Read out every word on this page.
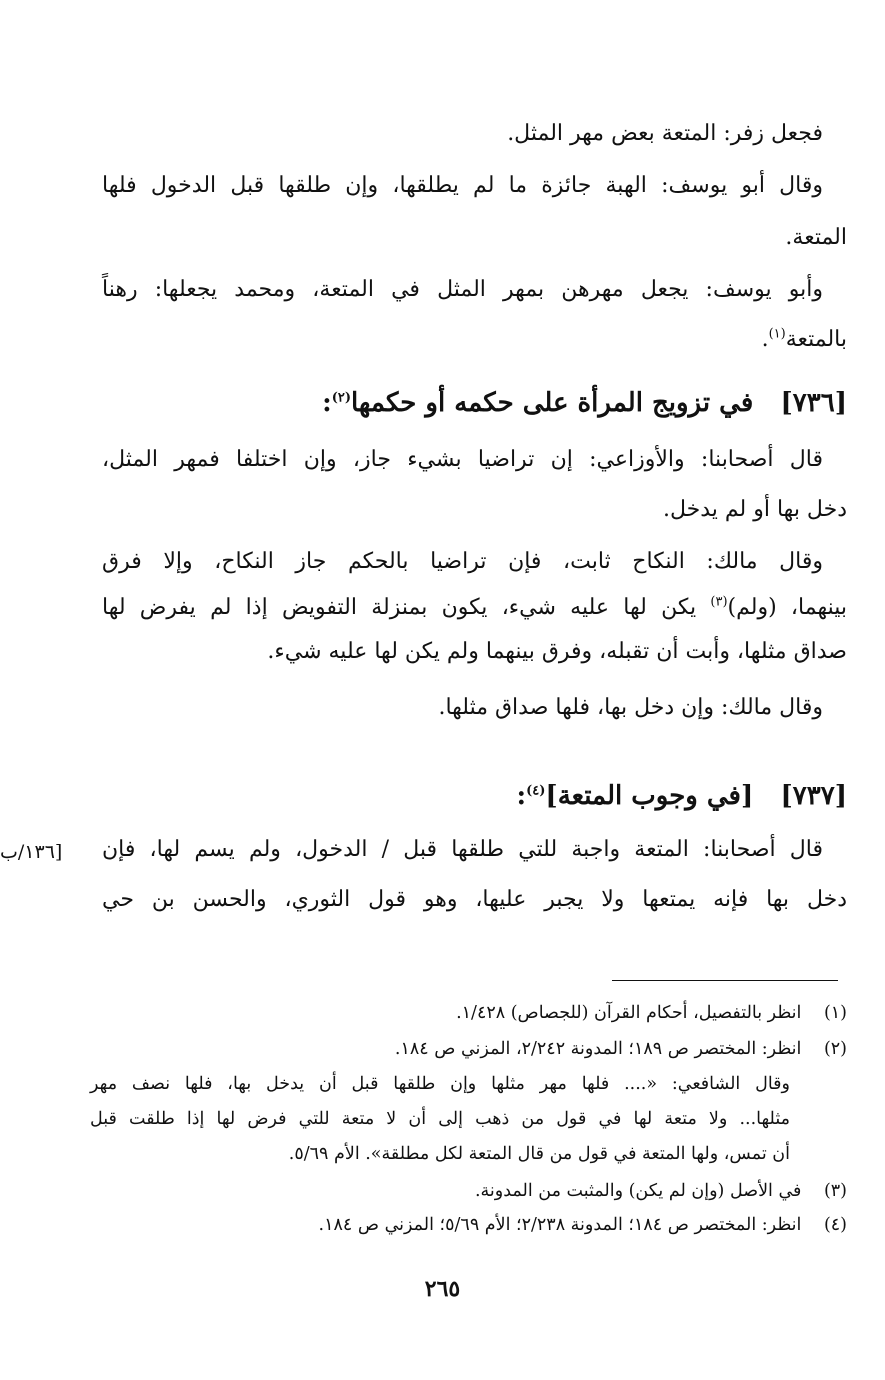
فجعل زفر: المتعة بعض مهر المثل.
وقال أبو يوسف: الهبة جائزة ما لم يطلقها، وإن طلقها قبل الدخول فلها
المتعة.
وأبو يوسف: يجعل مهرهن بمهر المثل في المتعة، ومحمد يجعلها: رهناً
بالمتعة$^{(١)}$.
[٧٣٦]   في تزويج المرأة على حكمه أو حكمها$^{(٢)}$:
قال أصحابنا: والأوزاعي: إن تراضيا بشيء جاز، وإن اختلفا فمهر المثل،
دخل بها أو لم يدخل.
وقال مالك: النكاح ثابت، فإن تراضيا بالحكم جاز النكاح، وإلا فرق
بينهما، (ولم)$^{(٣)}$ يكن لها عليه شيء، يكون بمنزلة التفويض إذا لم يفرض لها
صداق مثلها، وأبت أن تقبله، وفرق بينهما ولم يكن لها عليه شيء.
وقال مالك: وإن دخل بها، فلها صداق مثلها.
[٧٣٧]   [في وجوب المتعة]$^{(٤)}$:
قال أصحابنا: المتعة واجبة للتي طلقها قبل / الدخول، ولم يسم لها، فإن
[١٣٦/ب
دخل بها فإنه يمتعها ولا يجبر عليها، وهو قول الثوري، والحسن بن حي
(١) انظر بالتفصيل، أحكام القرآن (للجصاص) ١/٤٢٨.
(٢) انظر: المختصر ص ١٨٩؛ المدونة ٢/٢٤٢، المزني ص ١٨٤.
وقال الشافعي: «.... فلها مهر مثلها وإن طلقها قبل أن يدخل بها، فلها نصف مهر
مثلها... ولا متعة لها في قول من ذهب إلى أن لا متعة للتي فرض لها إذا طلقت قبل
أن تمس، ولها المتعة في قول من قال المتعة لكل مطلقة». الأم ٥/٦٩.
(٣) في الأصل (وإن لم يكن) والمثبت من المدونة.
(٤) انظر: المختصر ص ١٨٤؛ المدونة ٢/٢٣٨؛ الأم ٥/٦٩؛ المزني ص ١٨٤.
٢٦٥
